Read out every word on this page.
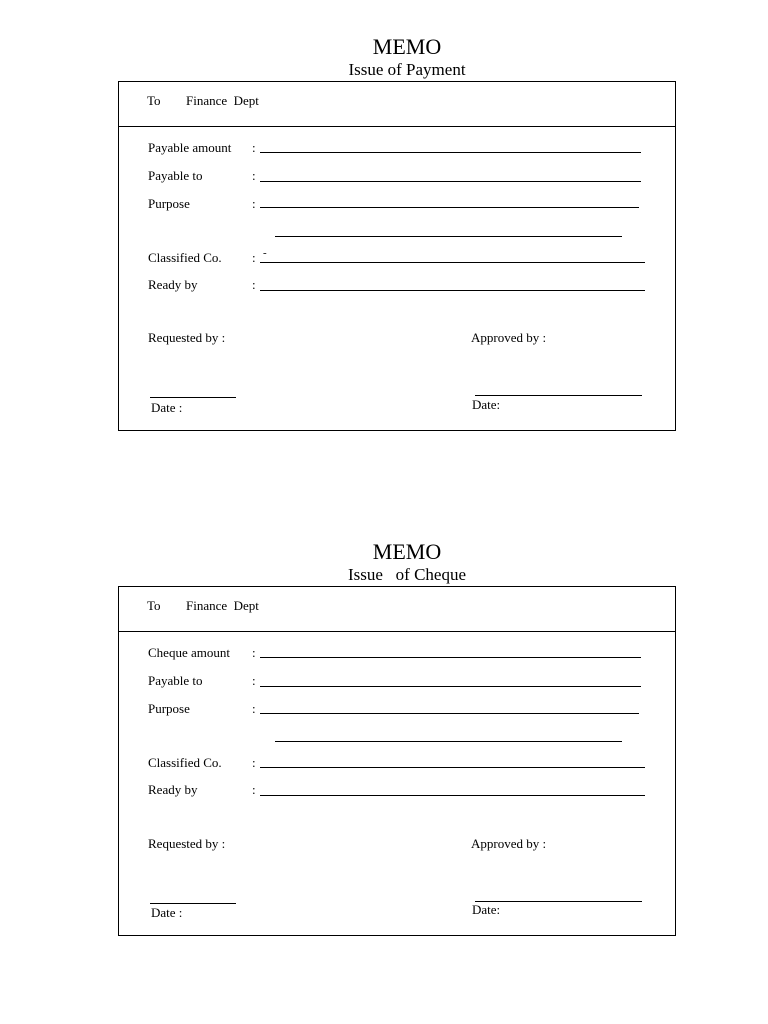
MEMO
Issue of Payment
To Finance  Dept
Payable amount :
Payable to	:
Purpose	:
Classified Co. : -
Ready by	:
Requested by :	Approved by :
Date :	Date:
MEMO
Issue   of Cheque
To Finance  Dept
Cheque amount :
Payable to	:
Purpose	:
Classified Co. :
Ready by	:
Requested by :	Approved by :
Date :	Date:
